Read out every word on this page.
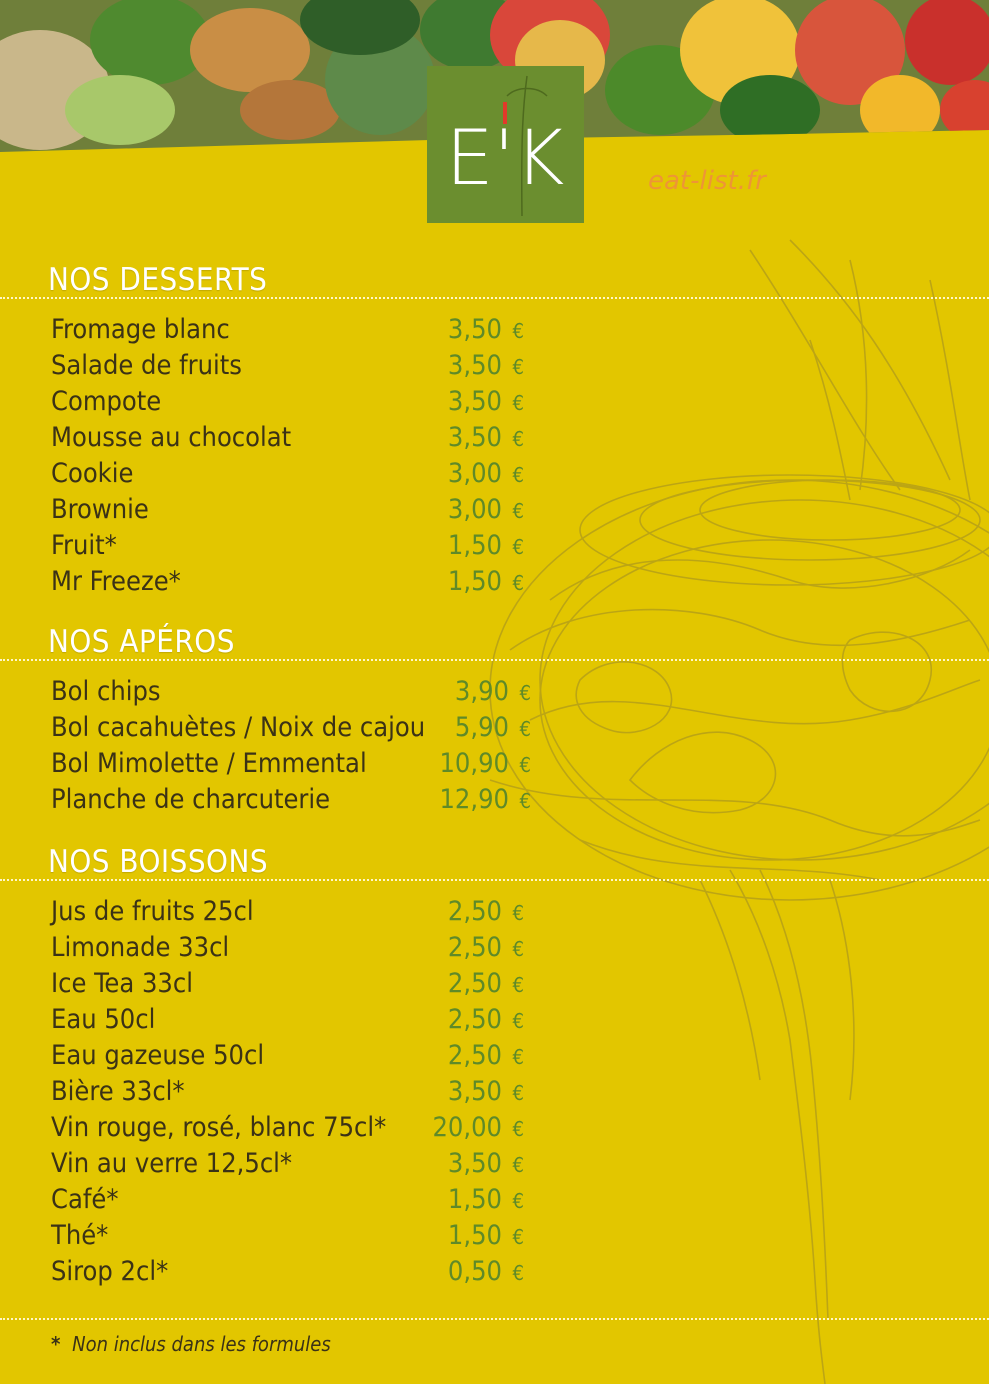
E'K	eat-list.fr
NOS DESSERTS
Fromage blanc	3,50 €
Salade de fruits	3,50 €
Compote	3,50 €
Mousse au chocolat	3,50 €
Cookie	3,00 €
Brownie	3,00 €
Fruit*	1,50 €
Mr Freeze*	1,50 €
NOS APÉROS
Bol chips	3,90 €
Bol cacahuètes / Noix de cajou 5,90 €
Bol Mimolette / Emmental	10,90 €
Planche de charcuterie	12,90 €
NOS BOISSONS
Jus de fruits 25cl	2,50 €
Limonade 33cl	2,50 €
Ice Tea 33cl	2,50 €
Eau 50cl	2,50 €
Eau gazeuse 50cl	2,50 €
Bière 33cl*	3,50 €
Vin rouge, rosé, blanc 75cl* 20,00 €
Vin au verre 12,5cl*	3,50 €
Café*	1,50 €
Thé*	1,50 €
Sirop 2cl*	0,50 €
* Non inclus dans les formules
